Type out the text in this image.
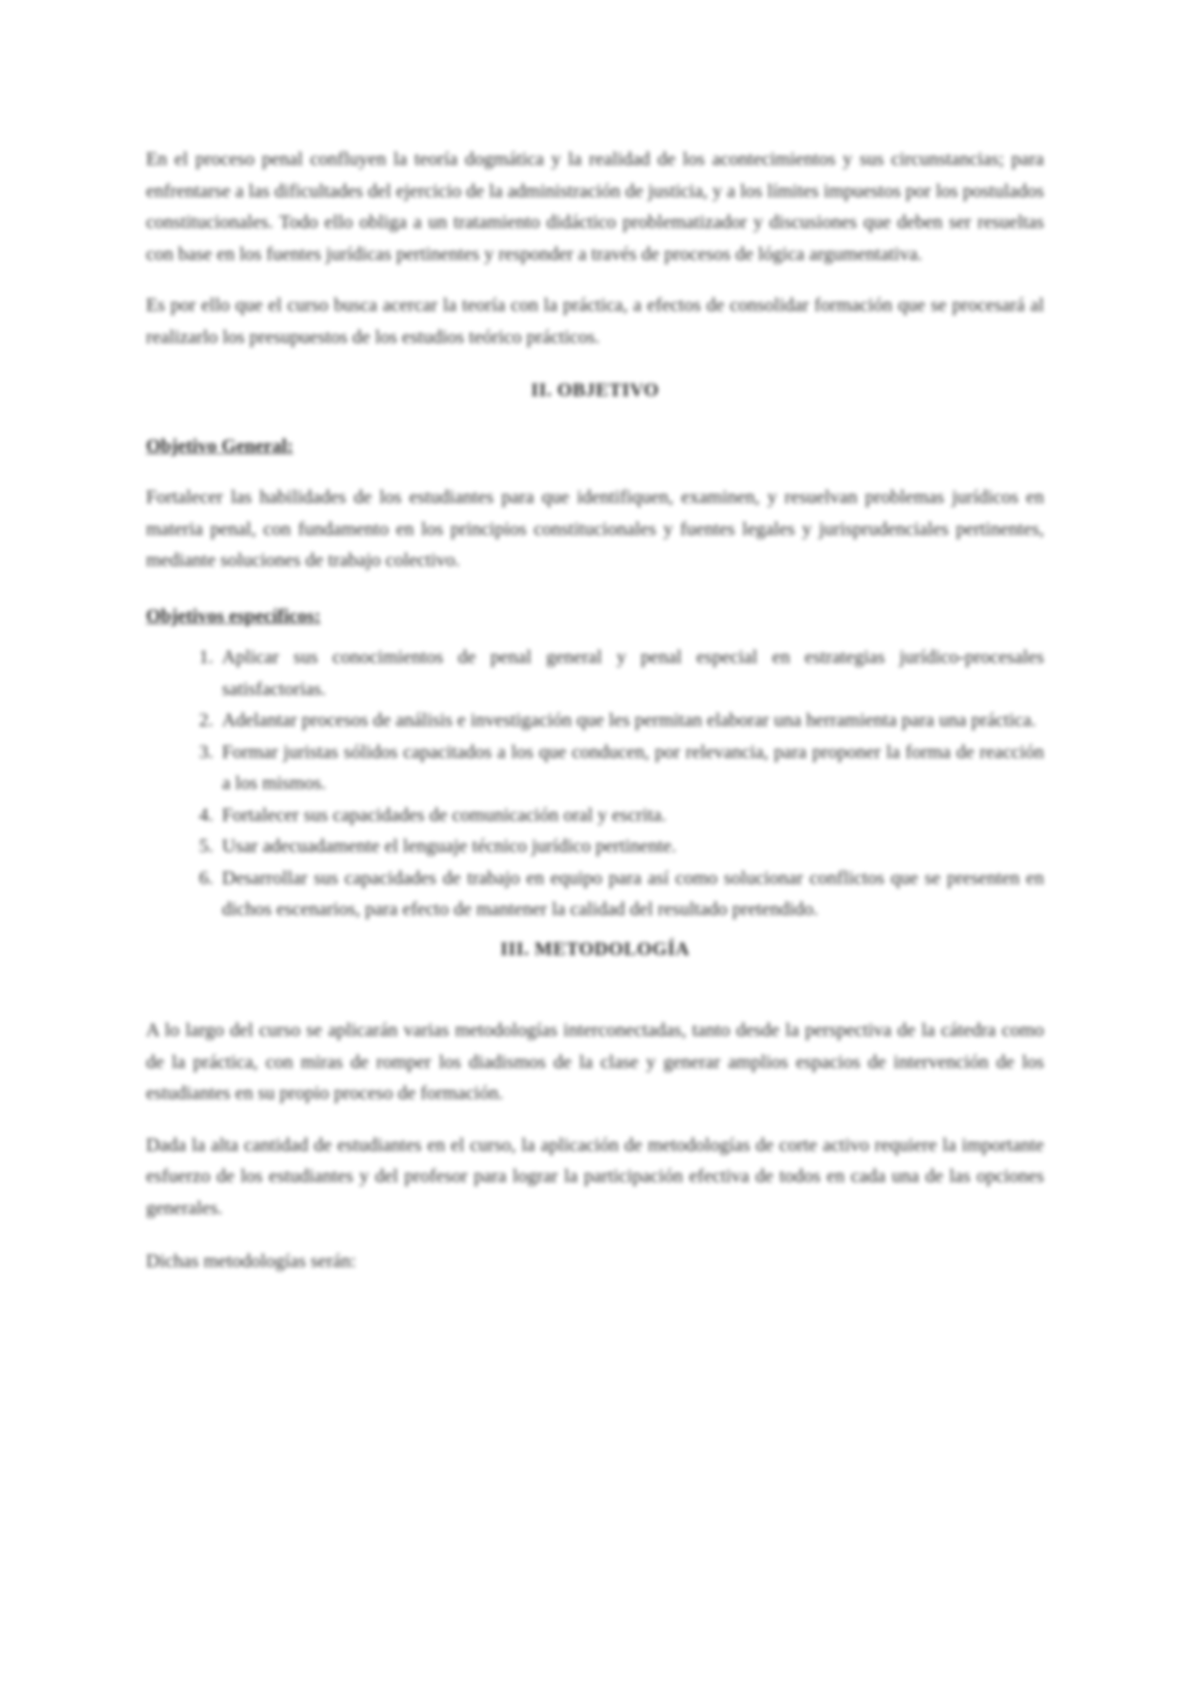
En el proceso penal confluyen la teoría dogmática y la realidad de los acontecimientos y sus circunstancias; para enfrentarse a las dificultades del ejercicio de la administración de justicia, y a los límites impuestos por los postulados constitucionales. Todo ello obliga a un tratamiento didáctico problematizador y discusiones que deben ser resueltas con base en los fuentes jurídicas pertinentes y responder a través de procesos de lógica argumentativa.

Es por ello que el curso busca acercar la teoría con la práctica, a efectos de consolidar formación que se procesará al realizarlo los presupuestos de los estudios teórico prácticos.

II. OBJETIVO

Objetivo General:

Fortalecer las habilidades de los estudiantes para que identifiquen, examinen, y resuelvan problemas jurídicos en materia penal, con fundamento en los principios constitucionales y fuentes legales y jurisprudenciales pertinentes, mediante soluciones de trabajo colectivo.

Objetivos específicos:

1. Aplicar sus conocimientos de penal general y penal especial en estrategias jurídico-procesales satisfactorias.
2. Adelantar procesos de análisis e investigación que les permitan elaborar una herramienta para una práctica.
3. Formar juristas sólidos capacitados a los que conducen, por relevancia, para proponer la forma de reacción a los mismos.
4. Fortalecer sus capacidades de comunicación oral y escrita.
5. Usar adecuadamente el lenguaje técnico jurídico pertinente.
6. Desarrollar sus capacidades de trabajo en equipo para así como solucionar conflictos que se presenten en dichos escenarios, para efecto de mantener la calidad del resultado pretendido.

III. METODOLOGÍA

A lo largo del curso se aplicarán varias metodologías interconectadas, tanto desde la perspectiva de la cátedra como de la práctica, con miras de romper los diadismos de la clase y generar amplios espacios de intervención de los estudiantes en su propio proceso de formación.

Dada la alta cantidad de estudiantes en el curso, la aplicación de metodologías de corte activo requiere la importante esfuerzo de los estudiantes y del profesor para lograr la participación efectiva de todos en cada una de las opciones generales.

Dichas metodologías serán:
